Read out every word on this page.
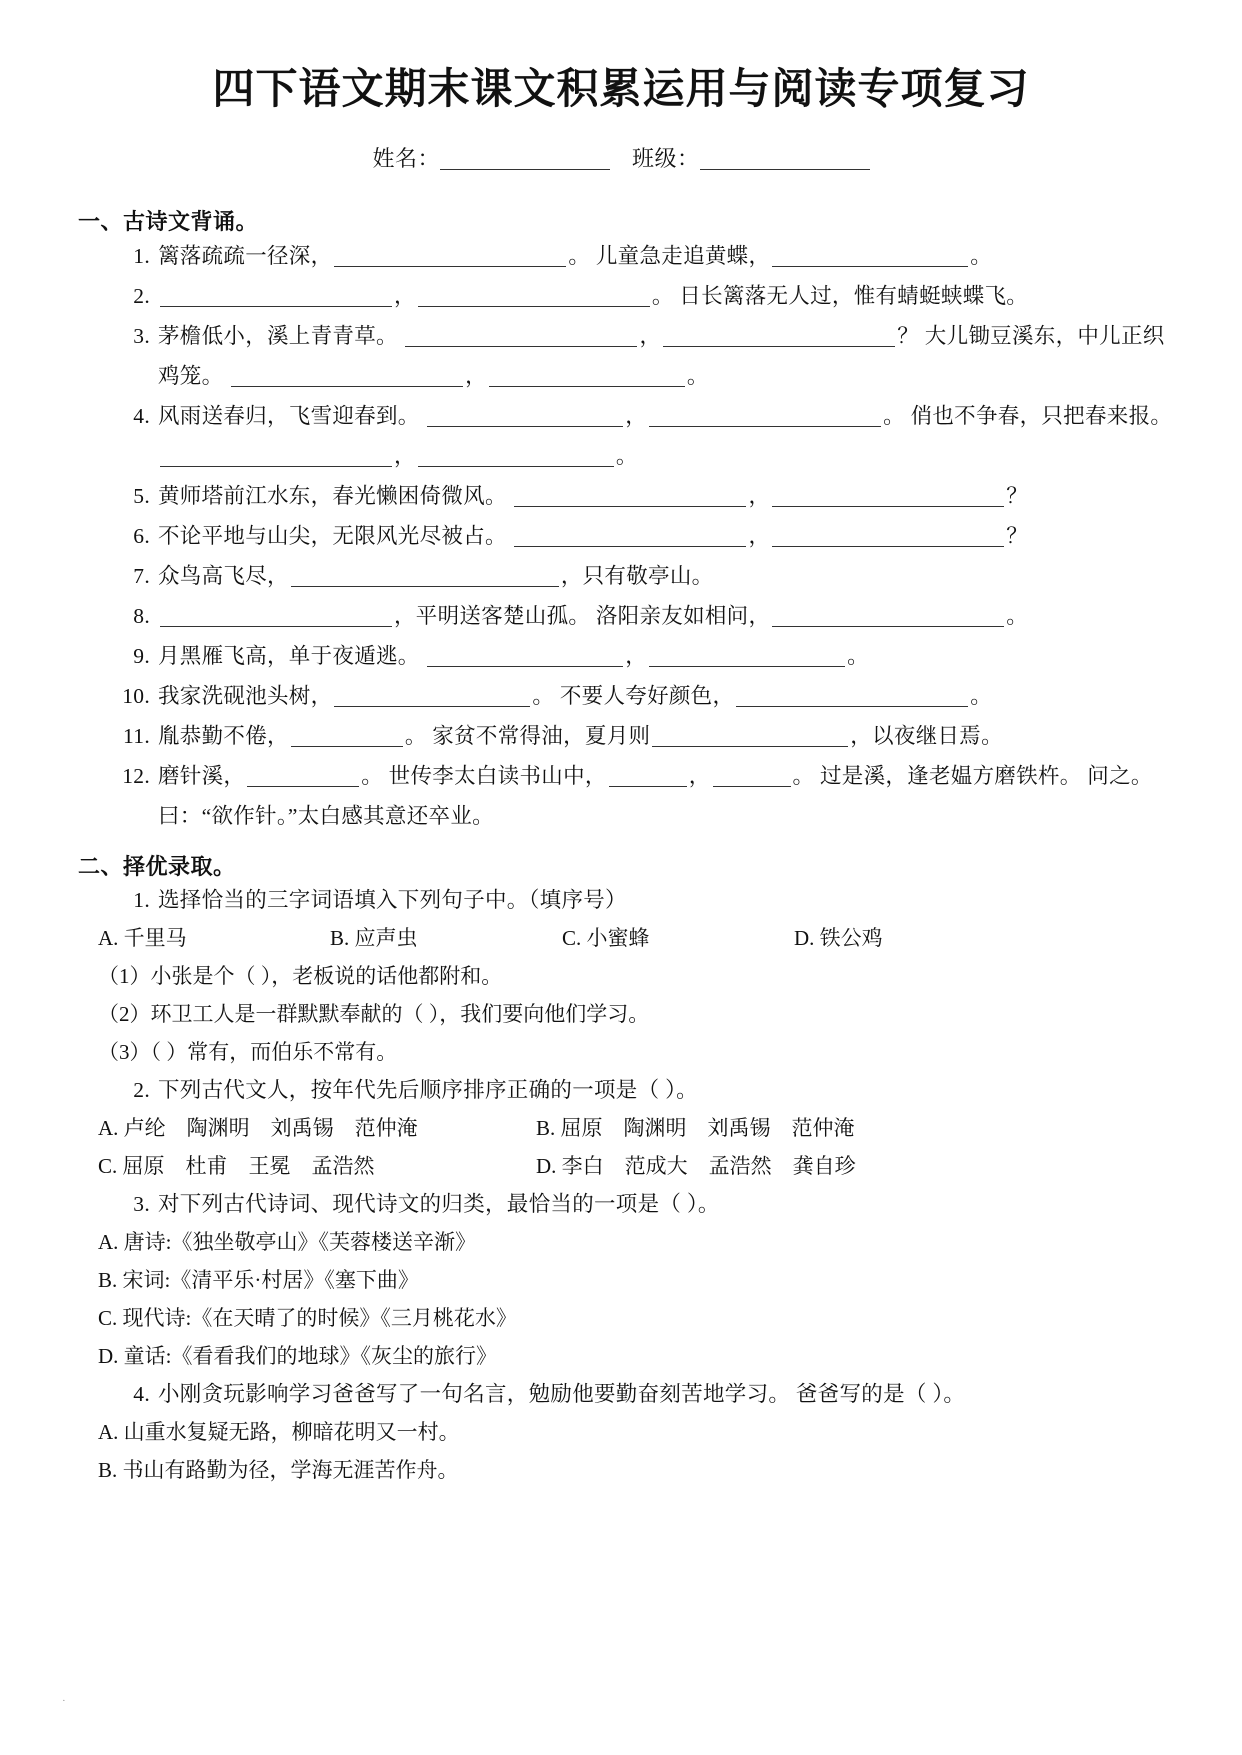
四下语文期末课文积累运用与阅读专项复习
姓名：	班级：
一、古诗文背诵。
1. 篱落疏疏一径深，	。 儿童急走追黄蝶，	。
2.	，	。 日长篱落无人过，惟有蜻蜓蛱蝶飞。
3. 茅檐低小，溪上青青草。	，	？ 大儿锄豆溪东，中儿正织鸡笼。	，	。
4. 风雨送春归，飞雪迎春到。	，	。 俏也不争春，只把春来报。 ，	。
5. 黄师塔前江水东，春光懒困倚微风。	，	？
6. 不论平地与山尖，无限风光尽被占。	，	？
7. 众鸟高飞尽，	，只有敬亭山。
8.	，平明送客楚山孤。 洛阳亲友如相问，	。
9. 月黑雁飞高，单于夜遁逃。	，	。
10. 我家洗砚池头树，	。 不要人夸好颜色，	。
11. 胤恭勤不倦，	。 家贫不常得油，夏月则	，以夜继日焉。
12. 磨针溪，	。 世传李太白读书山中，	，	。 过是溪，逢老媪方磨铁杵。 问之。 曰：“欲作针。”太白感其意还卒业。
二、择优录取。
1. 选择恰当的三字词语填入下列句子中。（填序号）
A. 千里马	B. 应声虫	C. 小蜜蜂	D. 铁公鸡
（1）小张是个（ ），老板说的话他都附和。
（2）环卫工人是一群默默奉献的（ ），我们要向他们学习。
（3）（ ）常有，而伯乐不常有。
2. 下列古代文人，按年代先后顺序排序正确的一项是（ ）。
A. 卢纶　陶渊明　刘禹锡　范仲淹	B. 屈原　陶渊明　刘禹锡　范仲淹
C. 屈原　杜甫　王冕　孟浩然	D. 李白　范成大　孟浩然　龚自珍
3. 对下列古代诗词、现代诗文的归类，最恰当的一项是（ ）。
A. 唐诗:《独坐敬亭山》《芙蓉楼送辛渐》
B. 宋词:《清平乐·村居》《塞下曲》
C. 现代诗:《在天晴了的时候》《三月桃花水》
D. 童话:《看看我们的地球》《灰尘的旅行》
4. 小刚贪玩影响学习爸爸写了一句名言，勉励他要勤奋刻苦地学习。 爸爸写的是（ ）。
A. 山重水复疑无路，柳暗花明又一村。
B. 书山有路勤为径，学海无涯苦作舟。
·
